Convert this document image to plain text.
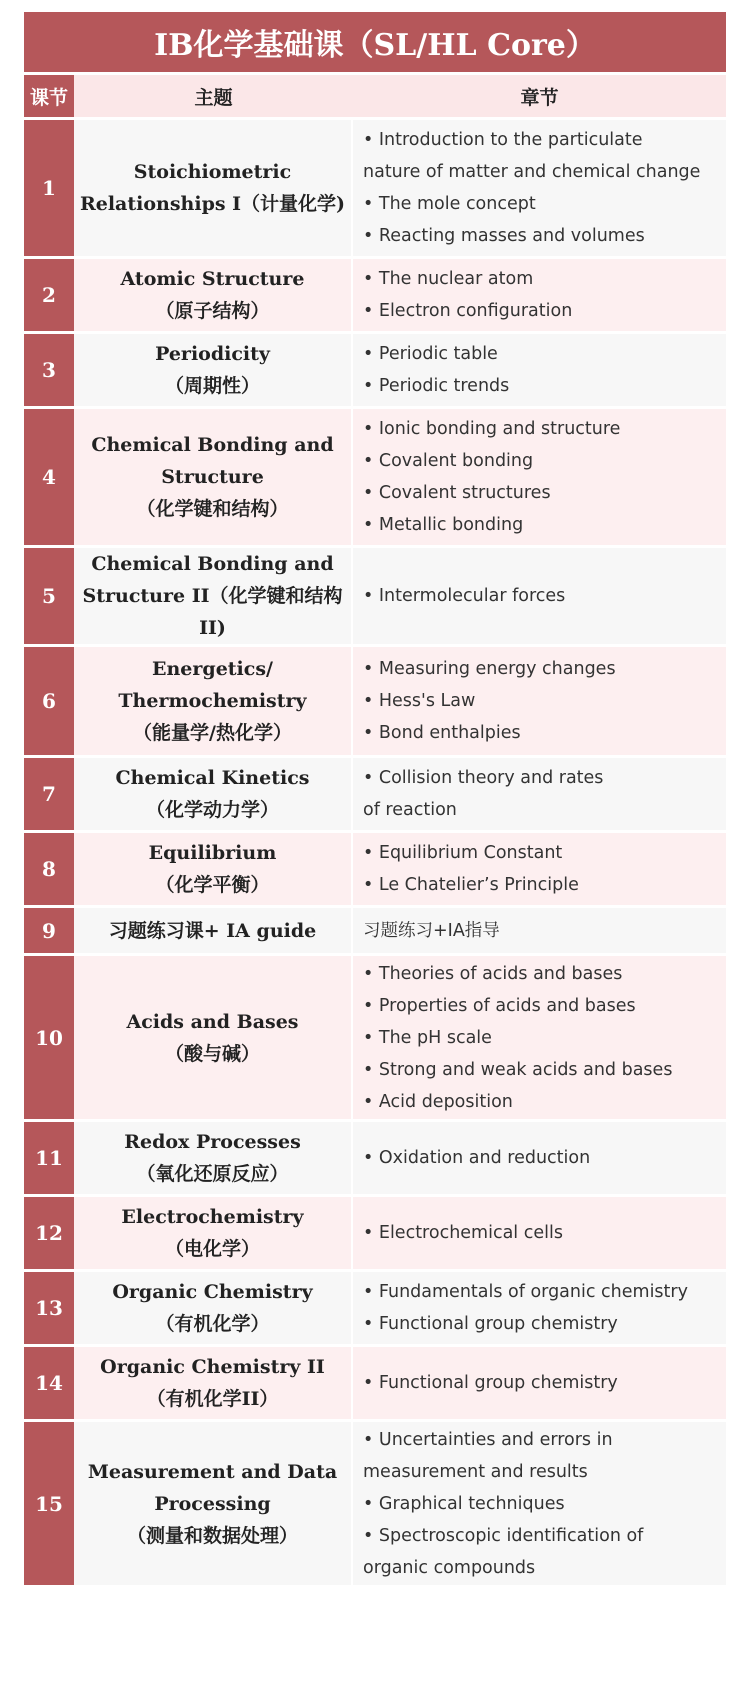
IB化学基础课（SL/HL Core）
课节	主题	章节
1	Stoichiometric
Relationships I（计量化学)	• Introduction to the particulate
nature of matter and chemical change
• The mole concept
• Reacting masses and volumes

2	Atomic Structure
（原子结构）	• The nuclear atom
• Electron configuration

3	Periodicity
（周期性）	• Periodic table
• Periodic trends

4	Chemical Bonding and
Structure
（化学键和结构）	• Ionic bonding and structure
• Covalent bonding
• Covalent structures
• Metallic bonding

5	Chemical Bonding and
Structure II（化学键和结构II)	• Intermolecular forces

6	Energetics/
Thermochemistry
（能量学/热化学）	• Measuring energy changes
• Hess's Law
• Bond enthalpies

7	Chemical Kinetics
（化学动力学）	• Collision theory and rates
of reaction

8	Equilibrium
（化学平衡）	• Equilibrium Constant
• Le Chatelier’s Principle

9	习题练习课+ IA guide	习题练习+IA指导

10	Acids and Bases
（酸与碱）	• Theories of acids and bases
• Properties of acids and bases
• The pH scale
• Strong and weak acids and bases
• Acid deposition

11	Redox Processes
（氧化还原反应）	• Oxidation and reduction

12	Electrochemistry
（电化学）	• Electrochemical cells

13	Organic Chemistry
（有机化学）	• Fundamentals of organic chemistry
• Functional group chemistry

14	Organic Chemistry II
（有机化学II）	• Functional group chemistry

15	Measurement and Data
Processing
（测量和数据处理）	• Uncertainties and errors in
measurement and results
• Graphical techniques
• Spectroscopic identification of
organic compounds
